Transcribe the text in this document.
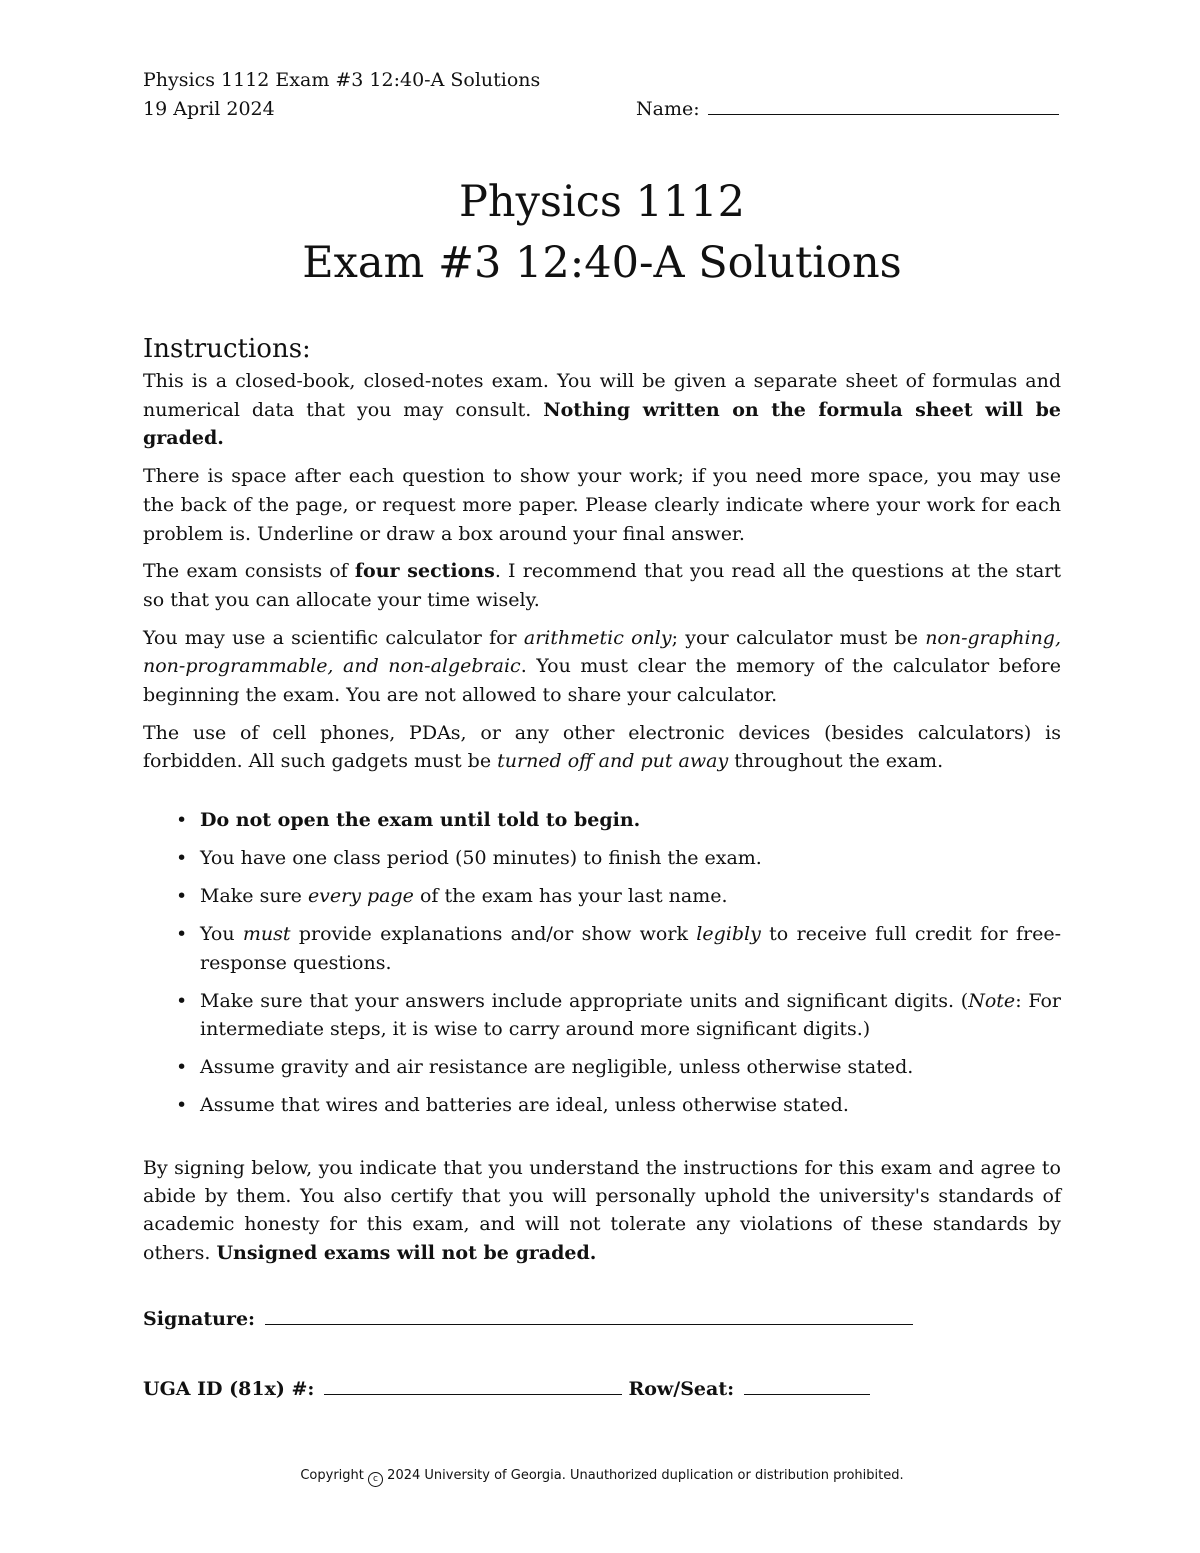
Physics 1112 Exam #3 12:40-A Solutions
19 April 2024	Name:
Physics 1112
Exam #3 12:40-A Solutions
Instructions:

This is a closed-book, closed-notes exam. You will be given a separate sheet of formulas and numerical data that you may consult. Nothing written on the formula sheet will be graded.

There is space after each question to show your work; if you need more space, you may use the back of the page, or request more paper. Please clearly indicate where your work for each problem is. Underline or draw a box around your final answer.

The exam consists of four sections. I recommend that you read all the questions at the start so that you can allocate your time wisely.

You may use a scientific calculator for arithmetic only; your calculator must be non-graphing, non-programmable, and non-algebraic. You must clear the memory of the calculator before beginning the exam. You are not allowed to share your calculator.

The use of cell phones, PDAs, or any other electronic devices (besides calculators) is forbidden. All such gadgets must be turned off and put away throughout the exam.

• Do not open the exam until told to begin.
• You have one class period (50 minutes) to finish the exam.
• Make sure every page of the exam has your last name.
• You must provide explanations and/or show work legibly to receive full credit for free-response questions.
• Make sure that your answers include appropriate units and significant digits. (Note: For intermediate steps, it is wise to carry around more significant digits.)
• Assume gravity and air resistance are negligible, unless otherwise stated.
• Assume that wires and batteries are ideal, unless otherwise stated.

By signing below, you indicate that you understand the instructions for this exam and agree to abide by them. You also certify that you will personally uphold the university's standards of academic honesty for this exam, and will not tolerate any violations of these standards by others. Unsigned exams will not be graded.

Signature:
UGA ID (81x) #:	Row/Seat:
Copyright c 2024 University of Georgia. Unauthorized duplication or distribution prohibited.
